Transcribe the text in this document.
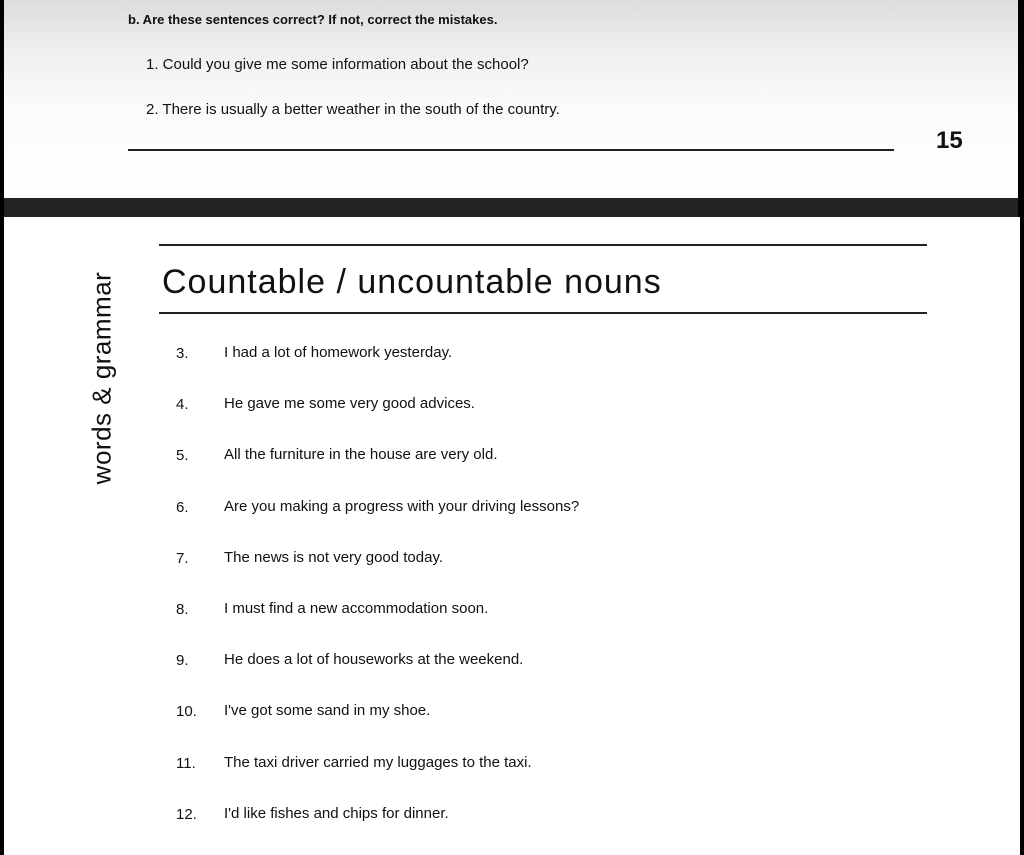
b. Are these sentences correct? If not, correct the mistakes.
1. Could you give me some information about the school?
2. There is usually a better weather in the south of the country.
15
words & grammar Countable / uncountable nouns
3.	I had a lot of homework yesterday.
4.	He gave me some very good advices.
5.	All the furniture in the house are very old.
6.	Are you making a progress with your driving lessons?
7.	The news is not very good today.
8.	I must find a new accommodation soon.
9.	He does a lot of houseworks at the weekend.
10.	I've got some sand in my shoe.
11.	The taxi driver carried my luggages to the taxi.
12.	I'd like fishes and chips for dinner.
